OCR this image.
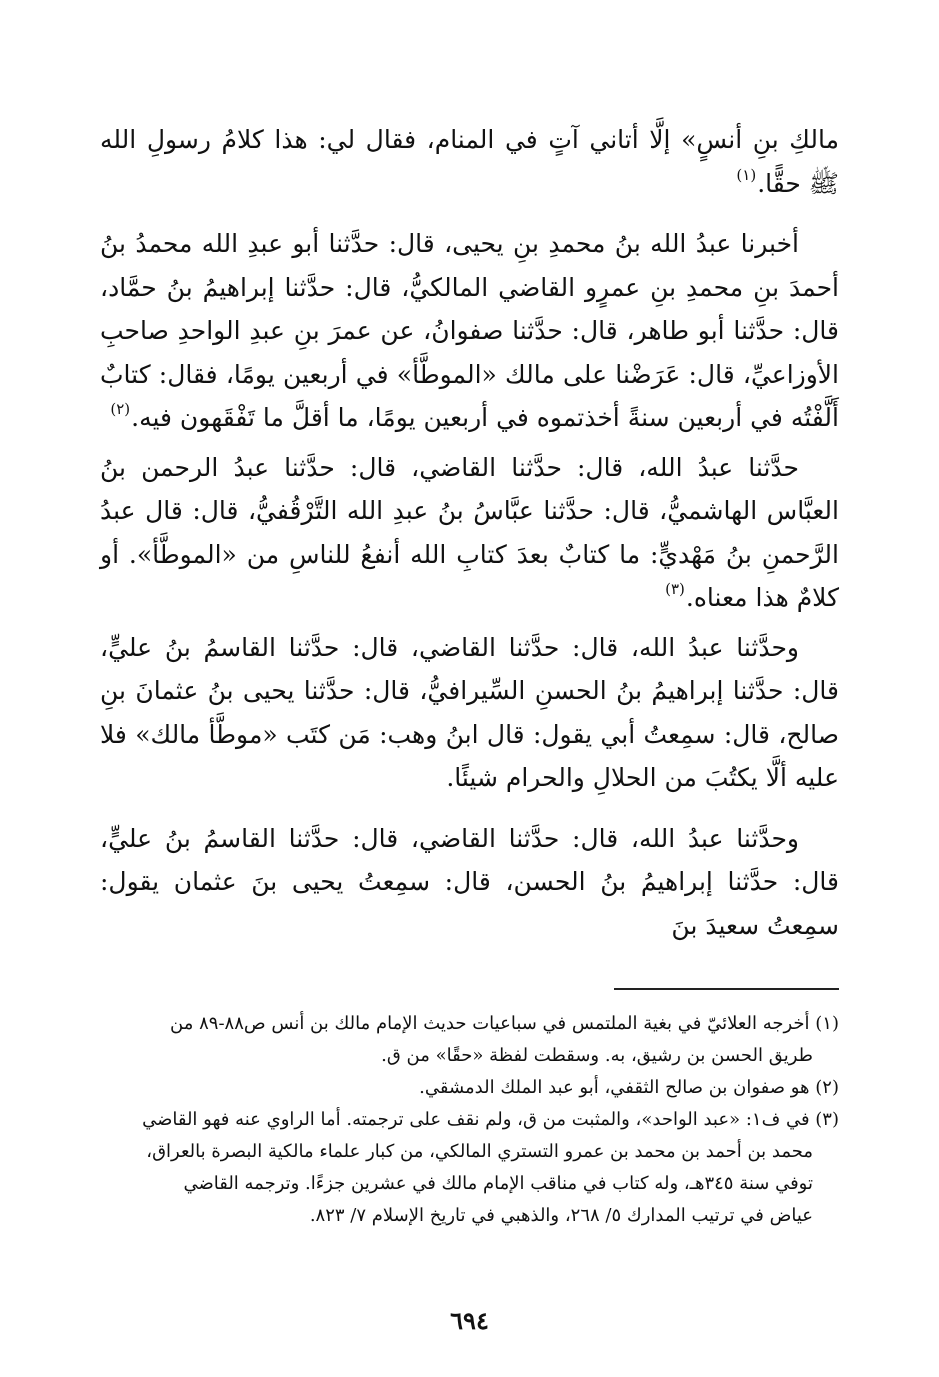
مالكِ بنِ أنسٍ» إلَّا أتاني آتٍ في المنام، فقال لي: هذا كلامُ رسولِ الله ﷺ حقًّا.$^{(١)}$

أخبرنا عبدُ الله بنُ محمدِ بنِ يحيى، قال: حدَّثنا أبو عبدِ الله محمدُ بنُ أحمدَ بنِ محمدِ بنِ عمرٍو القاضي المالكيُّ، قال: حدَّثنا إبراهيمُ بنُ حمَّاد، قال: حدَّثنا أبو طاهر، قال: حدَّثنا صفوانُ، عن عمرَ بنِ عبدِ الواحدِ صاحبِ الأوزاعيِّ، قال: عَرَضْنا على مالك «الموطَّأ» في أربعين يومًا، فقال: كتابٌ أَلَّفْتُه في أربعين سنةً أخذتموه في أربعين يومًا، ما أقلَّ ما تَفْقَهون فيه.$^{(٢)}$

حدَّثنا عبدُ الله، قال: حدَّثنا القاضي، قال: حدَّثنا عبدُ الرحمن بنُ العبَّاس الهاشميُّ، قال: حدَّثنا عبَّاسُ بنُ عبدِ الله التَّرْقُفيُّ، قال: قال عبدُ الرَّحمنِ بنُ مَهْديٍّ: ما كتابٌ بعدَ كتابِ الله أنفعُ للناسِ من «الموطَّأ». أو كلامٌ هذا معناه.$^{(٣)}$

وحدَّثنا عبدُ الله، قال: حدَّثنا القاضي، قال: حدَّثنا القاسمُ بنُ عليٍّ، قال: حدَّثنا إبراهيمُ بنُ الحسنِ السِّيرافيُّ، قال: حدَّثنا يحيى بنُ عثمانَ بنِ صالح، قال: سمِعتُ أبي يقول: قال ابنُ وهب: مَن كتَب «موطَّأ مالك» فلا عليه ألَّا يكتُبَ من الحلالِ والحرام شيئًا.

وحدَّثنا عبدُ الله، قال: حدَّثنا القاضي، قال: حدَّثنا القاسمُ بنُ عليٍّ، قال: حدَّثنا إبراهيمُ بنُ الحسن، قال: سمِعتُ يحيى بنَ عثمان يقول: سمِعتُ سعيدَ بنَ

(١) أخرجه العلائيّ في بغية الملتمس في سباعيات حديث الإمام مالك بن أنس ص٨٨-٨٩ من

طريق الحسن بن رشيق، به. وسقطت لفظة «حقًا» من ق.

(٢) هو صفوان بن صالح الثقفي، أبو عبد الملك الدمشقي.

(٣) في ف١: «عبد الواحد»، والمثبت من ق، ولم نقف على ترجمته. أما الراوي عنه فهو القاضي

محمد بن أحمد بن محمد بن عمرو التستري المالكي، من كبار علماء مالكية البصرة بالعراق،

توفي سنة ٣٤٥هـ، وله كتاب في مناقب الإمام مالك في عشرين جزءًا. وترجمه القاضي

عياض في ترتيب المدارك ٥/ ٢٦٨، والذهبي في تاريخ الإسلام ٧/ ٨٢٣.

٦٩٤
